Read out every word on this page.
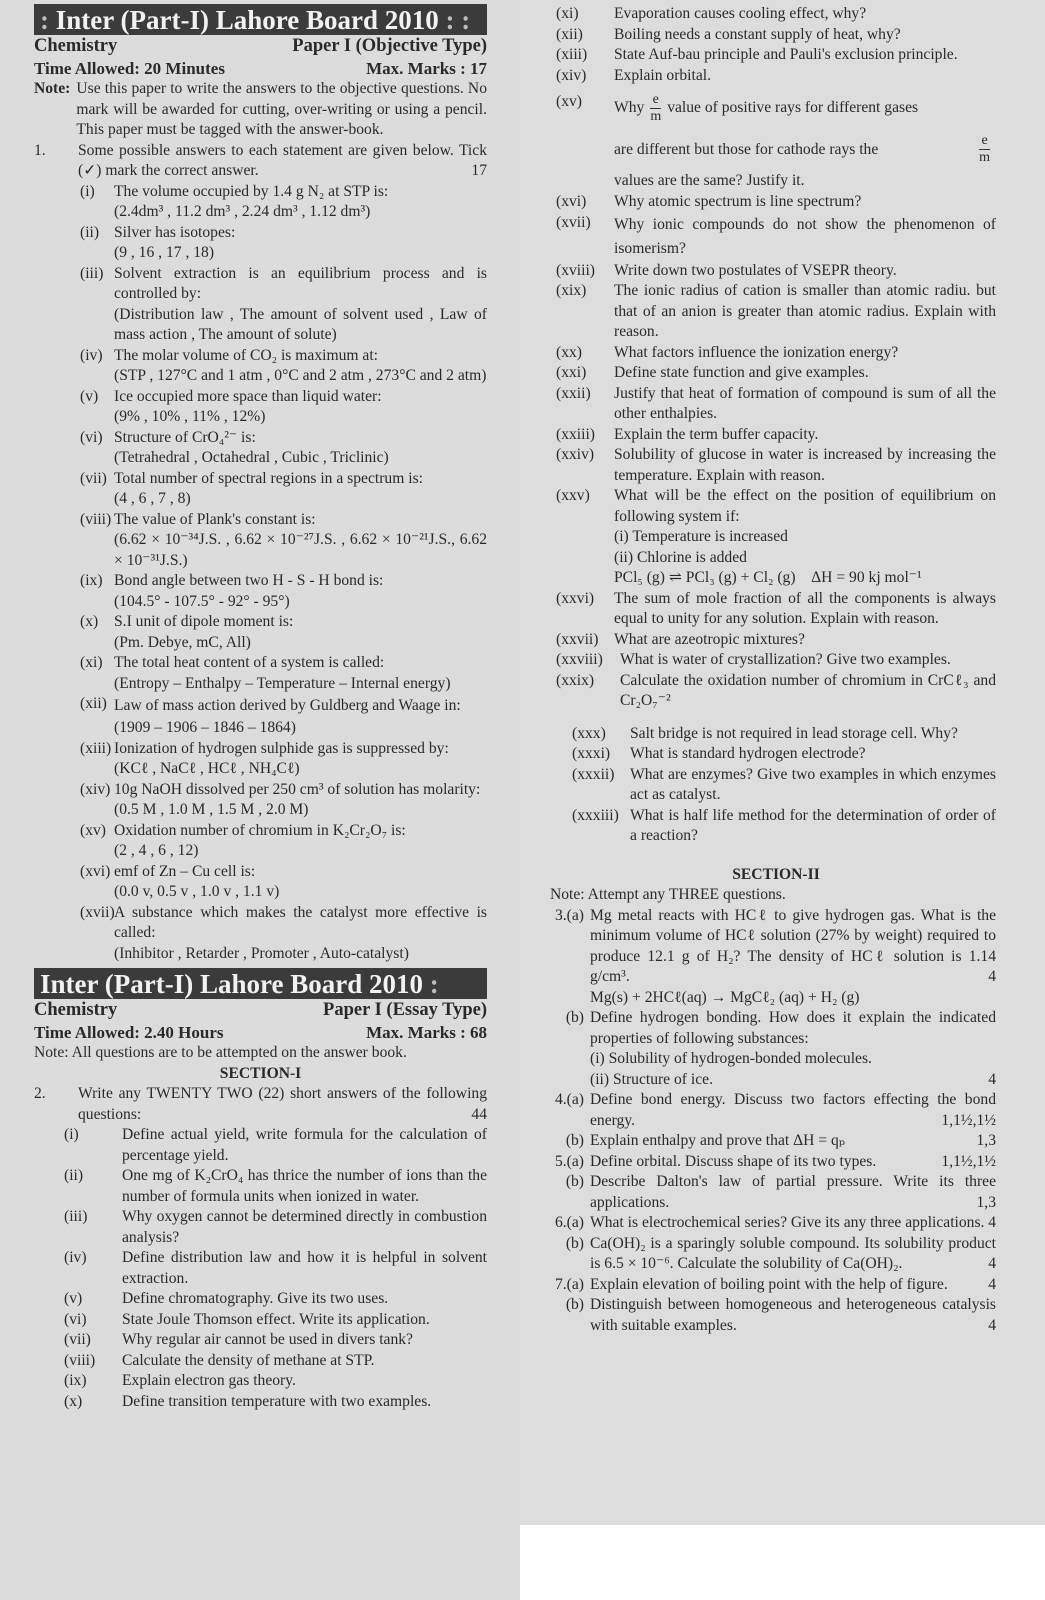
: Inter (Part-I) Lahore Board 2010 : :
Chemistry	Paper I (Objective Type)
Time Allowed: 20 Minutes	Max. Marks : 17
Note: Use this paper to write the answers to the objective questions. No mark will be awarded for cutting, over-writing or using a pencil. This paper must be tagged with the answer-book.
1.	Some possible answers to each statement are given below. Tick (✓) mark the correct answer.	17
(i)	The volume occupied by 1.4 g N₂ at STP is:
(2.4dm³ , 11.2 dm³ , 2.24 dm³ , 1.12 dm³)
(ii) Silver has isotopes:
(9 , 16 , 17 , 18)
(iii) Solvent extraction is an equilibrium process and is controlled by:
(Distribution law , The amount of solvent used , Law of mass action , The amount of solute)
(iv) The molar volume of CO₂ is maximum at:
(STP , 127°C and 1 atm , 0°C and 2 atm , 273°C and 2 atm)
(v)	Ice occupied more space than liquid water:
(9% , 10% , 11% , 12%)
(vi) Structure of CrO₄²⁻ is:
(Tetrahedral , Octahedral , Cubic , Triclinic)
(vii) Total number of spectral regions in a spectrum is:
(4 , 6 , 7 , 8)
(viii) The value of Plank's constant is:
(6.62 × 10⁻³⁴J.S. , 6.62 × 10⁻²⁷J.S. , 6.62 × 10⁻²¹J.S., 6.62 × 10⁻³¹J.S.)
(ix) Bond angle between two H - S - H bond is:
(104.5° - 107.5° - 92° - 95°)
(x)	S.I unit of dipole moment is:
(Pm. Debye, mC, All)
(xi) The total heat content of a system is called:
(Entropy – Enthalpy – Temperature – Internal energy)
(xii) Law of mass action derived by Guldberg and Waage in:
(1909 – 1906 – 1846 – 1864)
(xiii) Ionization of hydrogen sulphide gas is suppressed by:
(KCℓ , NaCℓ , HCℓ , NH₄Cℓ)
(xiv) 10g NaOH dissolved per 250 cm³ of solution has molarity:
(0.5 M , 1.0 M , 1.5 M , 2.0 M)
(xv) Oxidation number of chromium in K₂Cr₂O₇ is:
(2 , 4 , 6 , 12)
(xvi) emf of Zn – Cu cell is:
(0.0 v, 0.5 v , 1.0 v , 1.1 v)
(xvii) A substance which makes the catalyst more effective is called:
(Inhibitor , Retarder , Promoter , Auto-catalyst)
Inter (Part-I) Lahore Board 2010 :
Chemistry	Paper I (Essay Type)
Time Allowed: 2.40 Hours	Max. Marks : 68
Note: All questions are to be attempted on the answer book.
SECTION-I
2.	Write any TWENTY TWO (22) short answers of the following questions:	44
(i)	Define actual yield, write formula for the calculation of percentage yield.
(ii)	One mg of K₂CrO₄ has thrice the number of ions than the number of formula units when ionized in water.
(iii)	Why oxygen cannot be determined directly in combustion analysis?
(iv)	Define distribution law and how it is helpful in solvent extraction.
(v)	Define chromatography. Give its two uses.
(vi)	State Joule Thomson effect. Write its application.
(vii)	Why regular air cannot be used in divers tank?
(viii)	Calculate the density of methane at STP.
(ix)	Explain electron gas theory.
(x)	Define transition temperature with two examples.
(xi)	Evaporation causes cooling effect, why?
(xii)	Boiling needs a constant supply of heat, why?
(xiii)	State Auf-bau principle and Pauli's exclusion principle.
(xiv)	Explain orbital.
(xv)	Why $\frac{e}{m}$ value of positive rays for different gases

are different but those for cathode rays the	$\frac{e}{m}$
values are the same? Justify it.
(xvi)	Why atomic spectrum is line spectrum?
(xvii)	Why ionic compounds do not show the phenomenon of isomerism?
(xviii)	Write down two postulates of VSEPR theory.
(xix)	The ionic radius of cation is smaller than atomic radiu. but that of an anion is greater than atomic radius. Explain with reason.
(xx)	What factors influence the ionization energy?
(xxi)	Define state function and give examples.
(xxii)	Justify that heat of formation of compound is sum of all the other enthalpies.
(xxiii)	Explain the term buffer capacity.
(xxiv)	Solubility of glucose in water is increased by increasing the temperature. Explain with reason.
(xxv)	What will be the effect on the position of equilibrium on following system if:
(i) Temperature is increased
(ii) Chlorine is added
PCl₅ (g) ⇌ PCl₃ (g) + Cl₂ (g)    ΔH = 90 kj mol⁻¹
(xxvi)	The sum of mole fraction of all the components is always equal to unity for any solution. Explain with reason.
(xxvii) What are azeotropic mixtures?
(xxviii)	What is water of crystallization? Give two examples.
(xxix)	Calculate the oxidation number of chromium in CrCℓ₃ and Cr₂O₇⁻²
(xxx)	Salt bridge is not required in lead storage cell. Why?
(xxxi)	What is standard hydrogen electrode?
(xxxii) What are enzymes? Give two examples in which enzymes act as catalyst.
(xxxiii) What is half life method for the determination of order of a reaction?
SECTION-II
Note: Attempt any THREE questions.
3.(a) Mg metal reacts with HCℓ to give hydrogen gas. What is the minimum volume of HCℓ solution (27% by weight) required to produce 12.1 g of H₂? The density of HCℓ solution is 1.14 g/cm³.	4
Mg(s) + 2HCℓ(aq) → MgCℓ₂ (aq) + H₂ (g)
(b) Define hydrogen bonding. How does it explain the indicated properties of following substances:
(i) Solubility of hydrogen-bonded molecules.
(ii) Structure of ice.	4
4.(a) Define bond energy. Discuss two factors effecting the bond energy.	1,1½,1½
(b) Explain enthalpy and prove that ΔH = qₚ	1,3
5.(a) Define orbital. Discuss shape of its two types.	1,1½,1½
(b) Describe Dalton's law of partial pressure. Write its three applications.	1,3
6.(a) What is electrochemical series? Give its any three applications. 4
(b) Ca(OH)₂ is a sparingly soluble compound. Its solubility product is 6.5 × 10⁻⁶. Calculate the solubility of Ca(OH)₂.	4
7.(a) Explain elevation of boiling point with the help of figure.	4
(b) Distinguish between homogeneous and heterogeneous catalysis with suitable examples.	4
